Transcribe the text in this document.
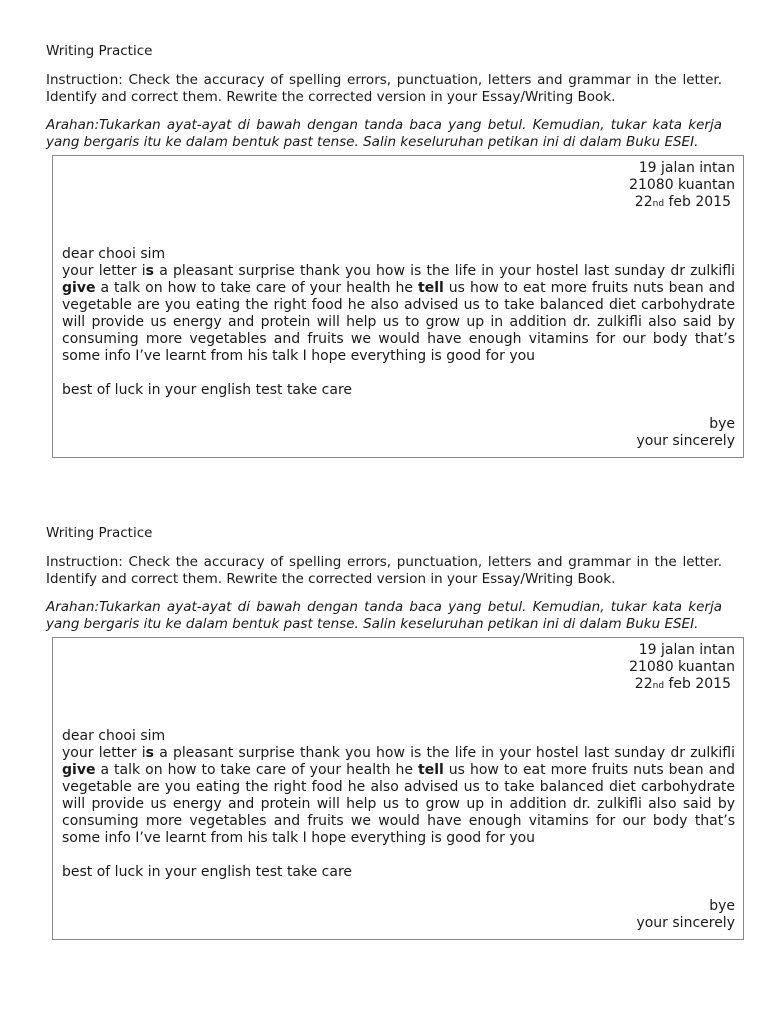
Writing Practice
Instruction: Check the accuracy of spelling errors, punctuation, letters and grammar in the letter. Identify and correct them. Rewrite the corrected version in your Essay/Writing Book.
Arahan:Tukarkan ayat-ayat di bawah dengan tanda baca yang betul. Kemudian, tukar kata kerja yang bergaris itu ke dalam bentuk past tense. Salin keseluruhan petikan ini di dalam Buku ESEI.
19 jalan intan
21080 kuantan
22nd feb 2015
dear chooi sim
your letter is a pleasant surprise thank you how is the life in your hostel last sunday dr zulkifli give a talk on how to take care of your health he tell us how to eat more fruits nuts bean and vegetable are you eating the right food he also advised us to take balanced diet carbohydrate will provide us energy and protein will help us to grow up in addition dr. zulkifli also said by consuming more vegetables and fruits we would have enough vitamins for our body that’s some info I’ve learnt from his talk I hope everything is good for you
best of luck in your english test take care
bye
your sincerely
Writing Practice
Instruction: Check the accuracy of spelling errors, punctuation, letters and grammar in the letter. Identify and correct them. Rewrite the corrected version in your Essay/Writing Book.
Arahan:Tukarkan ayat-ayat di bawah dengan tanda baca yang betul. Kemudian, tukar kata kerja yang bergaris itu ke dalam bentuk past tense. Salin keseluruhan petikan ini di dalam Buku ESEI.
19 jalan intan
21080 kuantan
22nd feb 2015
dear chooi sim
your letter is a pleasant surprise thank you how is the life in your hostel last sunday dr zulkifli give a talk on how to take care of your health he tell us how to eat more fruits nuts bean and vegetable are you eating the right food he also advised us to take balanced diet carbohydrate will provide us energy and protein will help us to grow up in addition dr. zulkifli also said by consuming more vegetables and fruits we would have enough vitamins for our body that’s some info I’ve learnt from his talk I hope everything is good for you
best of luck in your english test take care
bye
your sincerely
